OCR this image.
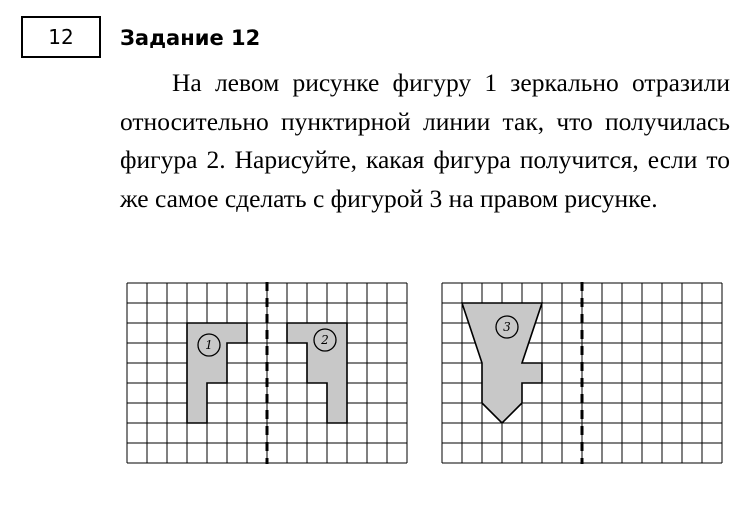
12 Задание 12

На левом рисунке фигуру 1 зеркально отразили относительно пунктирной линии так, что получилась фигура 2. Нарисуйте, какая фигура получится, если то же самое сделать с фигурой 3 на правом рисунке.

1	2
3
